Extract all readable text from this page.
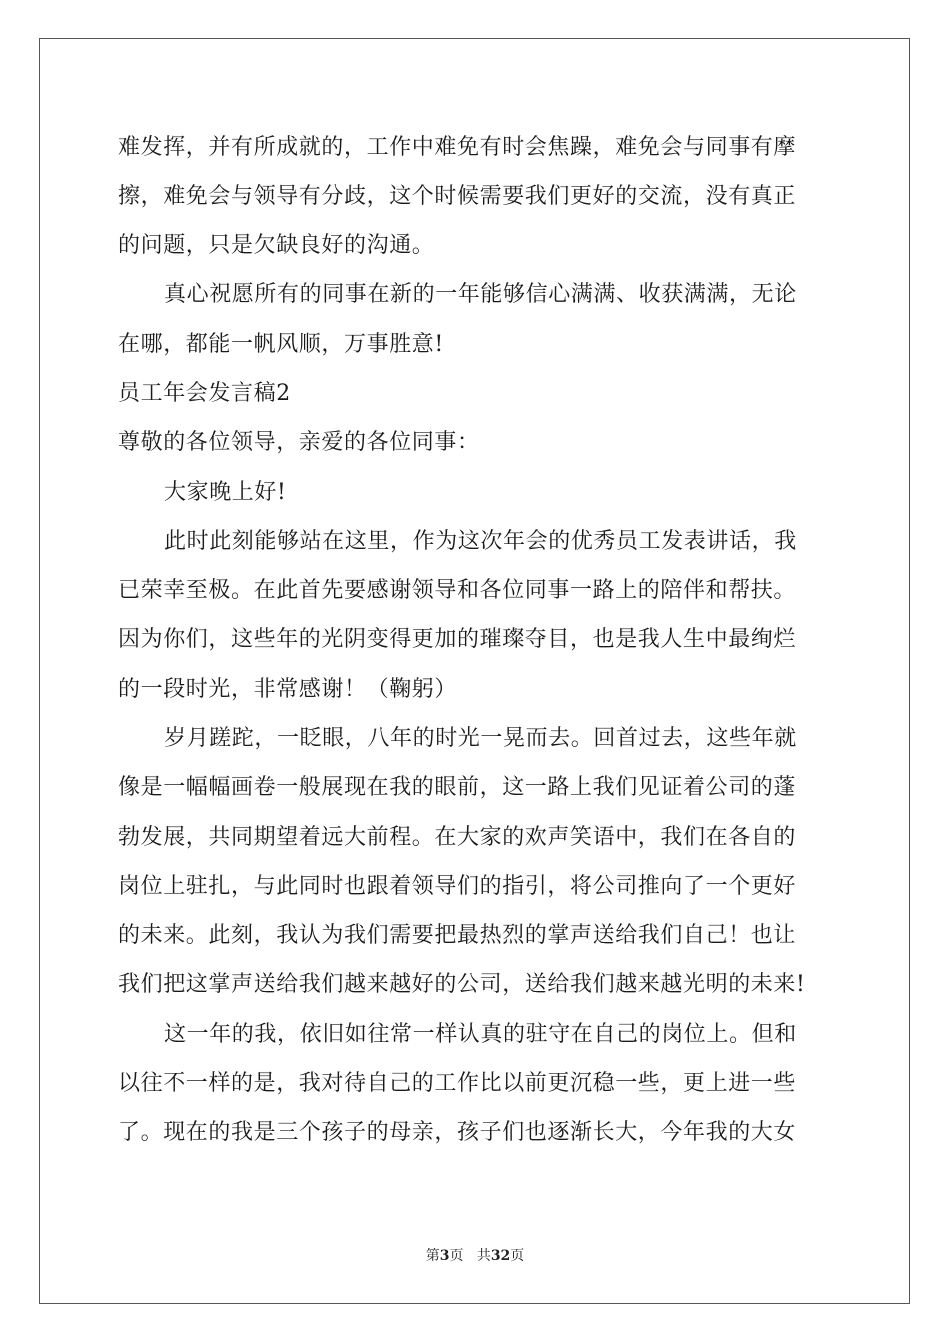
难发挥，并有所成就的，工作中难免有时会焦躁，难免会与同事有摩
擦，难免会与领导有分歧，这个时候需要我们更好的交流，没有真正
的问题，只是欠缺良好的沟通。
真心祝愿所有的同事在新的一年能够信心满满、收获满满，无论
在哪，都能一帆风顺，万事胜意!
员工年会发言稿2
尊敬的各位领导，亲爱的各位同事：
大家晚上好!
此时此刻能够站在这里，作为这次年会的优秀员工发表讲话，我
已荣幸至极。在此首先要感谢领导和各位同事一路上的陪伴和帮扶。
因为你们，这些年的光阴变得更加的璀璨夺目，也是我人生中最绚烂
的一段时光，非常感谢！（鞠躬）
岁月蹉跎，一眨眼，八年的时光一晃而去。回首过去，这些年就
像是一幅幅画卷一般展现在我的眼前，这一路上我们见证着公司的蓬
勃发展，共同期望着远大前程。在大家的欢声笑语中，我们在各自的
岗位上驻扎，与此同时也跟着领导们的指引，将公司推向了一个更好
的未来。此刻，我认为我们需要把最热烈的掌声送给我们自己！也让
我们把这掌声送给我们越来越好的公司，送给我们越来越光明的未来!
这一年的我，依旧如往常一样认真的驻守在自己的岗位上。但和
以往不一样的是，我对待自己的工作比以前更沉稳一些，更上进一些
了。现在的我是三个孩子的母亲，孩子们也逐渐长大，今年我的大女
第3页 共32页
